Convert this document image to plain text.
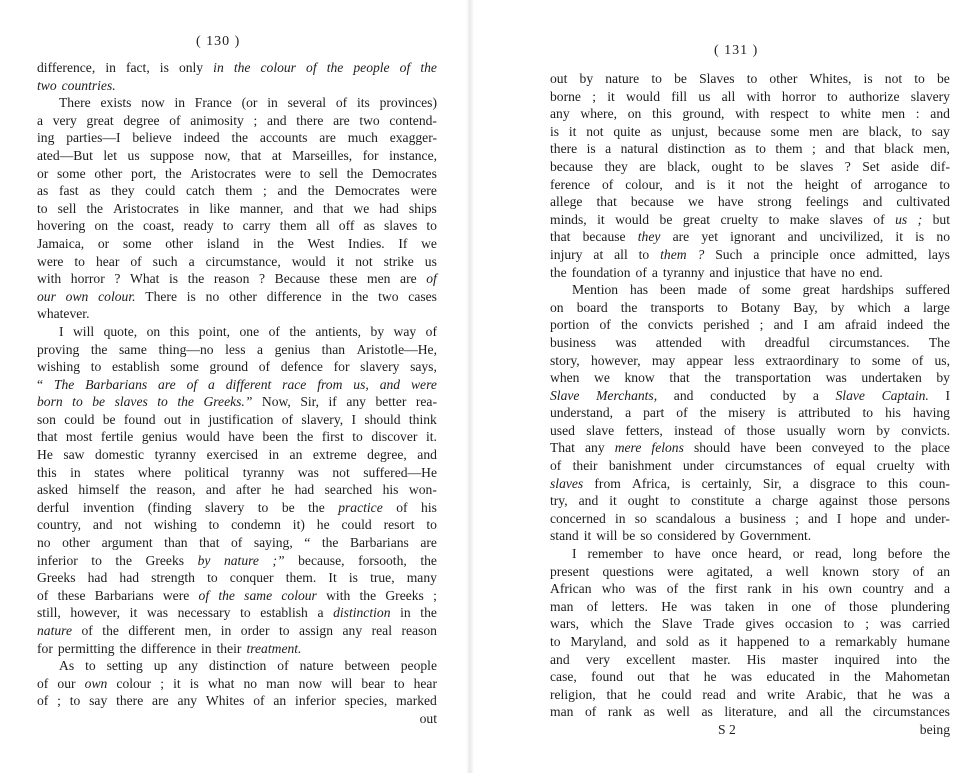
( 130 )
difference, in fact, is only in the colour of the people of the
two countries.
There exists now in France (or in several of its provinces)
a very great degree of animosity ; and there are two contend-
ing parties—I believe indeed the accounts are much exagger-
ated—But let us suppose now, that at Marseilles, for instance,
or some other port, the Aristocrates were to sell the Democrates
as fast as they could catch them ; and the Democrates were
to sell the Aristocrates in like manner, and that we had ships
hovering on the coast, ready to carry them all off as slaves to
Jamaica, or some other island in the West Indies. If we
were to hear of such a circumstance, would it not strike us
with horror ? What is the reason ? Because these men are of
our own colour. There is no other difference in the two cases
whatever.
I will quote, on this point, one of the antients, by way of
proving the same thing—no less a genius than Aristotle—He,
wishing to establish some ground of defence for slavery says,
“ The Barbarians are of a different race from us, and were
born to be slaves to the Greeks.” Now, Sir, if any better rea-
son could be found out in justification of slavery, I should think
that most fertile genius would have been the first to discover it.
He saw domestic tyranny exercised in an extreme degree, and
this in states where political tyranny was not suffered—He
asked himself the reason, and after he had searched his won-
derful invention (finding slavery to be the practice of his
country, and not wishing to condemn it) he could resort to
no other argument than that of saying, “ the Barbarians are
inferior to the Greeks by nature ;” because, forsooth, the
Greeks had had strength to conquer them. It is true, many
of these Barbarians were of the same colour with the Greeks ;
still, however, it was necessary to establish a distinction in the
nature of the different men, in order to assign any real reason
for permitting the difference in their treatment.
As to setting up any distinction of nature between people
of our own colour ; it is what no man now will bear to hear
of ; to say there are any Whites of an inferior species, marked
out
( 131 )
out by nature to be Slaves to other Whites, is not to be
borne ; it would fill us all with horror to authorize slavery
any where, on this ground, with respect to white men : and
is it not quite as unjust, because some men are black, to say
there is a natural distinction as to them ; and that black men,
because they are black, ought to be slaves ? Set aside dif-
ference of colour, and is it not the height of arrogance to
allege that because we have strong feelings and cultivated
minds, it would be great cruelty to make slaves of us ; but
that because they are yet ignorant and uncivilized, it is no
injury at all to them ? Such a principle once admitted, lays
the foundation of a tyranny and injustice that have no end.
Mention has been made of some great hardships suffered
on board the transports to Botany Bay, by which a large
portion of the convicts perished ; and I am afraid indeed the
business was attended with dreadful circumstances. The
story, however, may appear less extraordinary to some of us,
when we know that the transportation was undertaken by
Slave Merchants, and conducted by a Slave Captain. I
understand, a part of the misery is attributed to his having
used slave fetters, instead of those usually worn by convicts.
That any mere felons should have been conveyed to the place
of their banishment under circumstances of equal cruelty with
slaves from Africa, is certainly, Sir, a disgrace to this coun-
try, and it ought to constitute a charge against those persons
concerned in so scandalous a business ; and I hope and under-
stand it will be so considered by Government.
I remember to have once heard, or read, long before the
present questions were agitated, a well known story of an
African who was of the first rank in his own country and a
man of letters. He was taken in one of those plundering
wars, which the Slave Trade gives occasion to ; was carried
to Maryland, and sold as it happened to a remarkably humane
and very excellent master. His master inquired into the
case, found out that he was educated in the Mahometan
religion, that he could read and write Arabic, that he was a
man of rank as well as literature, and all the circumstances
S 2	being
